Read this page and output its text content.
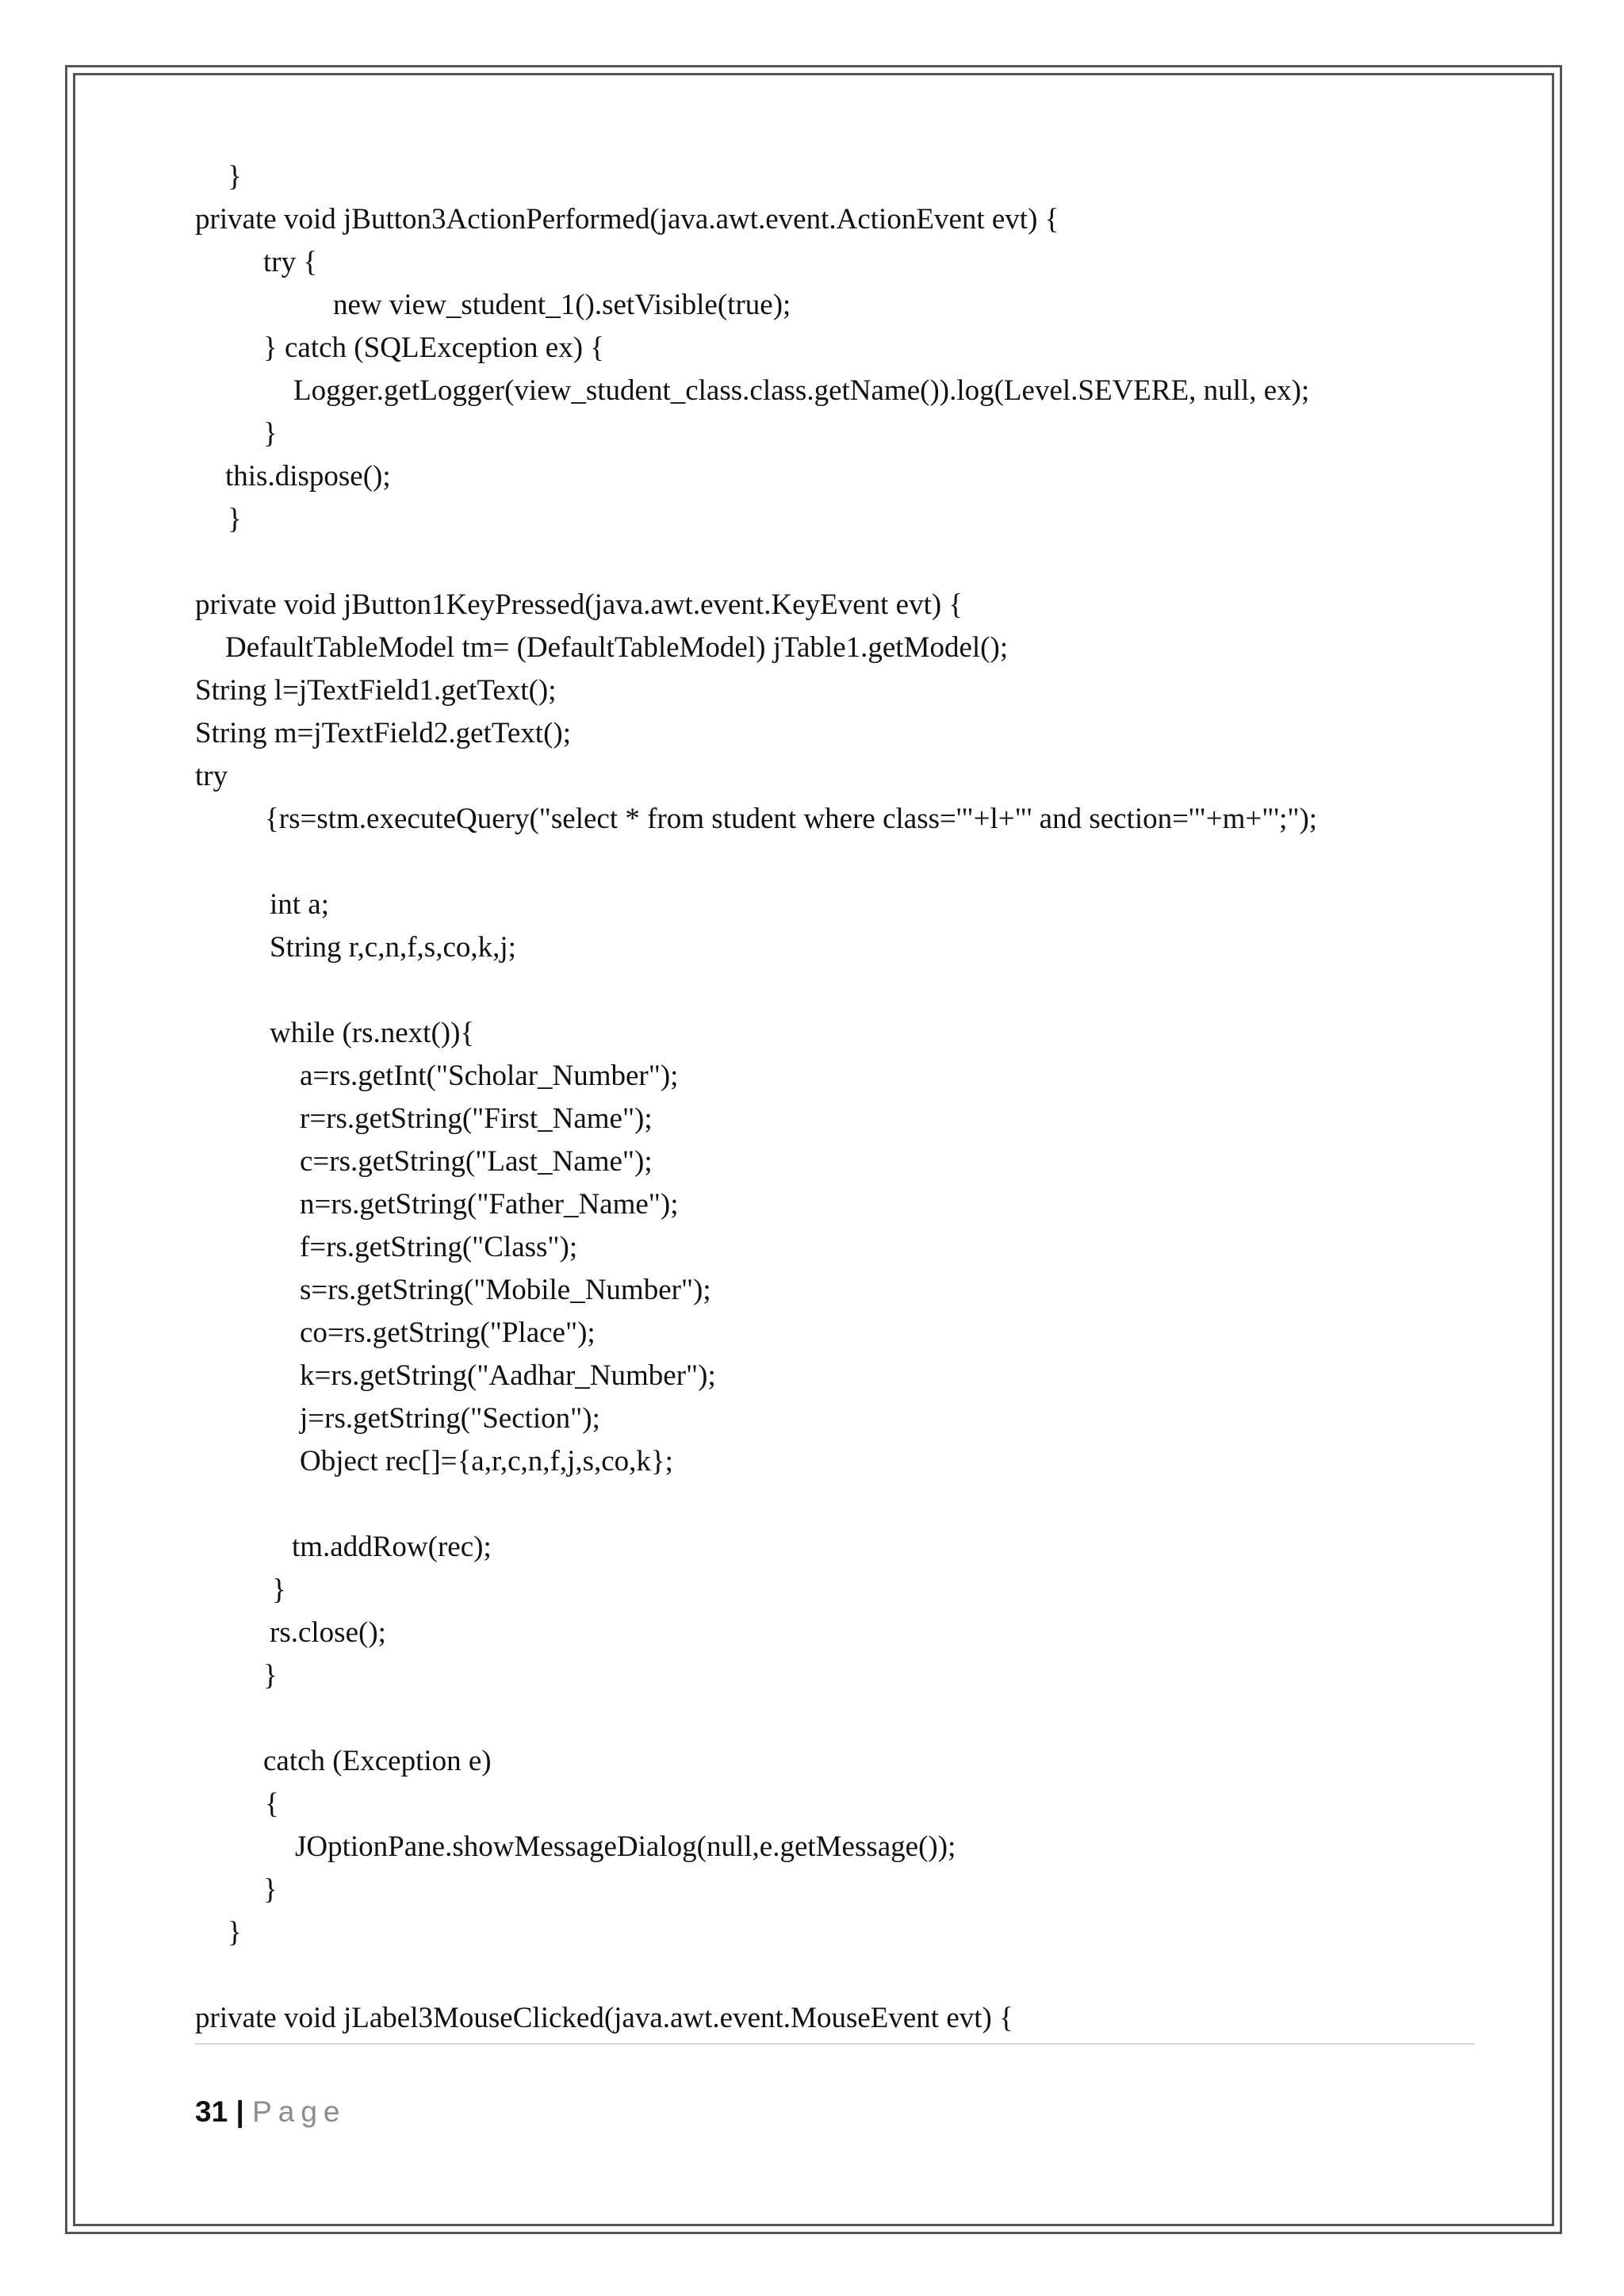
}
private void jButton3ActionPerformed(java.awt.event.ActionEvent evt) {
try {
new view_student_1().setVisible(true);
} catch (SQLException ex) {
Logger.getLogger(view_student_class.class.getName()).log(Level.SEVERE, null, ex);
}
this.dispose();
}
private void jButton1KeyPressed(java.awt.event.KeyEvent evt) {
DefaultTableModel tm= (DefaultTableModel) jTable1.getModel();
String l=jTextField1.getText();
String m=jTextField2.getText();
try
{rs=stm.executeQuery("select * from student where class='"+l+"' and section='"+m+"';");
int a;
String r,c,n,f,s,co,k,j;
while (rs.next()){
a=rs.getInt("Scholar_Number");
r=rs.getString("First_Name");
c=rs.getString("Last_Name");
n=rs.getString("Father_Name");
f=rs.getString("Class");
s=rs.getString("Mobile_Number");
co=rs.getString("Place");
k=rs.getString("Aadhar_Number");
j=rs.getString("Section");
Object rec[]={a,r,c,n,f,j,s,co,k};
tm.addRow(rec);
}
rs.close();
}
catch (Exception e)
{
JOptionPane.showMessageDialog(null,e.getMessage());
}
}
private void jLabel3MouseClicked(java.awt.event.MouseEvent evt) {
31 | Page
